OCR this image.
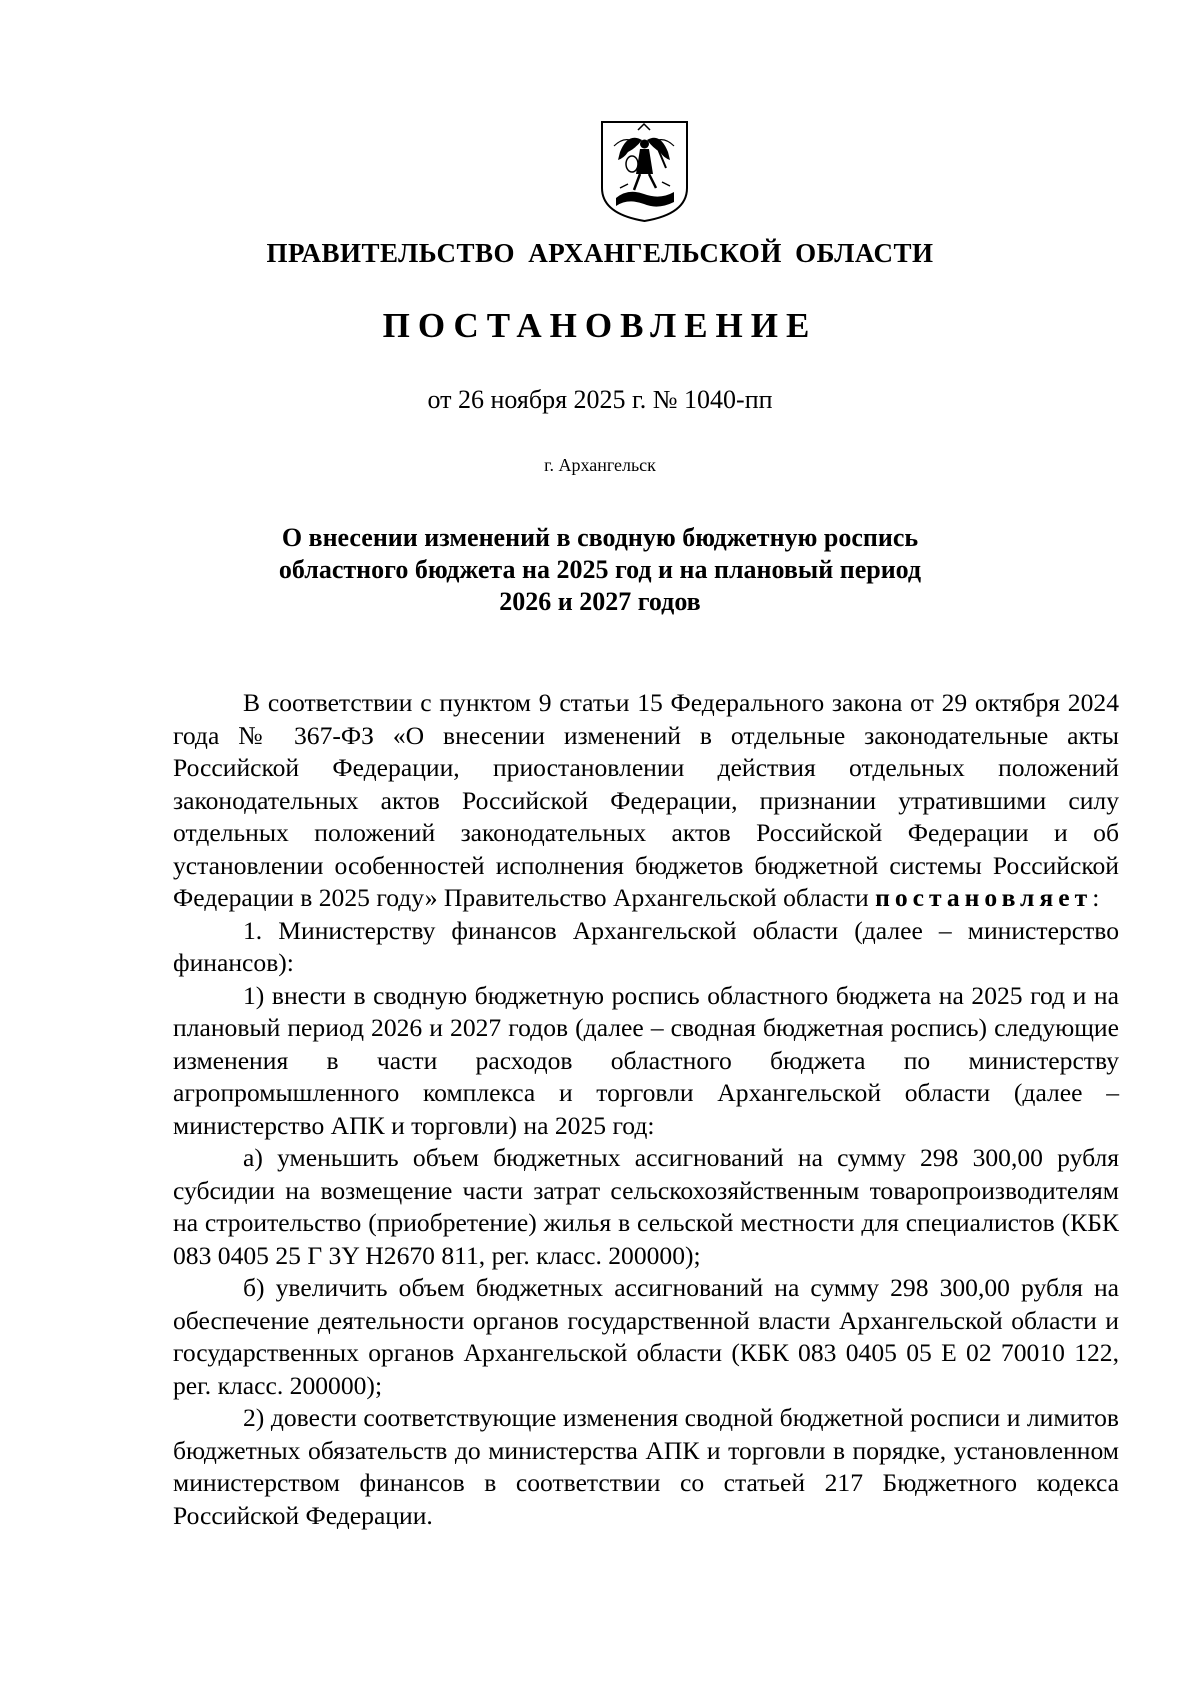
ПРАВИТЕЛЬСТВО АРХАНГЕЛЬСКОЙ ОБЛАСТИ
ПОСТАНОВЛЕНИЕ
от 26 ноября 2025 г. № 1040-пп
г. Архангельск
О внесении изменений в сводную бюджетную роспись
областного бюджета на 2025 год и на плановый период
2026 и 2027 годов

В соответствии с пунктом 9 статьи 15 Федерального закона от 29 октября 2024 года № 367-ФЗ «О внесении изменений в отдельные законодательные акты Российской Федерации, приостановлении действия отдельных положений законодательных актов Российской Федерации, признании утратившими силу отдельных положений законодательных актов Российской Федерации и об установлении особенностей исполнения бюджетов бюджетной системы Российской Федерации в 2025 году» Правительство Архангельской области постановляет:

1. Министерству финансов Архангельской области (далее – министерство финансов):

1) внести в сводную бюджетную роспись областного бюджета на 2025 год и на плановый период 2026 и 2027 годов (далее – сводная бюджетная роспись) следующие изменения в части расходов областного бюджета по министерству агропромышленного комплекса и торговли Архангельской области (далее – министерство АПК и торговли) на 2025 год:

а) уменьшить объем бюджетных ассигнований на сумму 298 300,00 рубля субсидии на возмещение части затрат сельскохозяйственным товаропроизводителям на строительство (приобретение) жилья в сельской местности для специалистов (КБК 083 0405 25 Г 3Y Н2670 811, рег. класс. 200000);

б) увеличить объем бюджетных ассигнований на сумму 298 300,00 рубля на обеспечение деятельности органов государственной власти Архангельской области и государственных органов Архангельской области (КБК 083 0405 05 Е 02 70010 122, рег. класс. 200000);

2) довести соответствующие изменения сводной бюджетной росписи и лимитов бюджетных обязательств до министерства АПК и торговли в порядке, установленном министерством финансов в соответствии со статьей 217 Бюджетного кодекса Российской Федерации.
